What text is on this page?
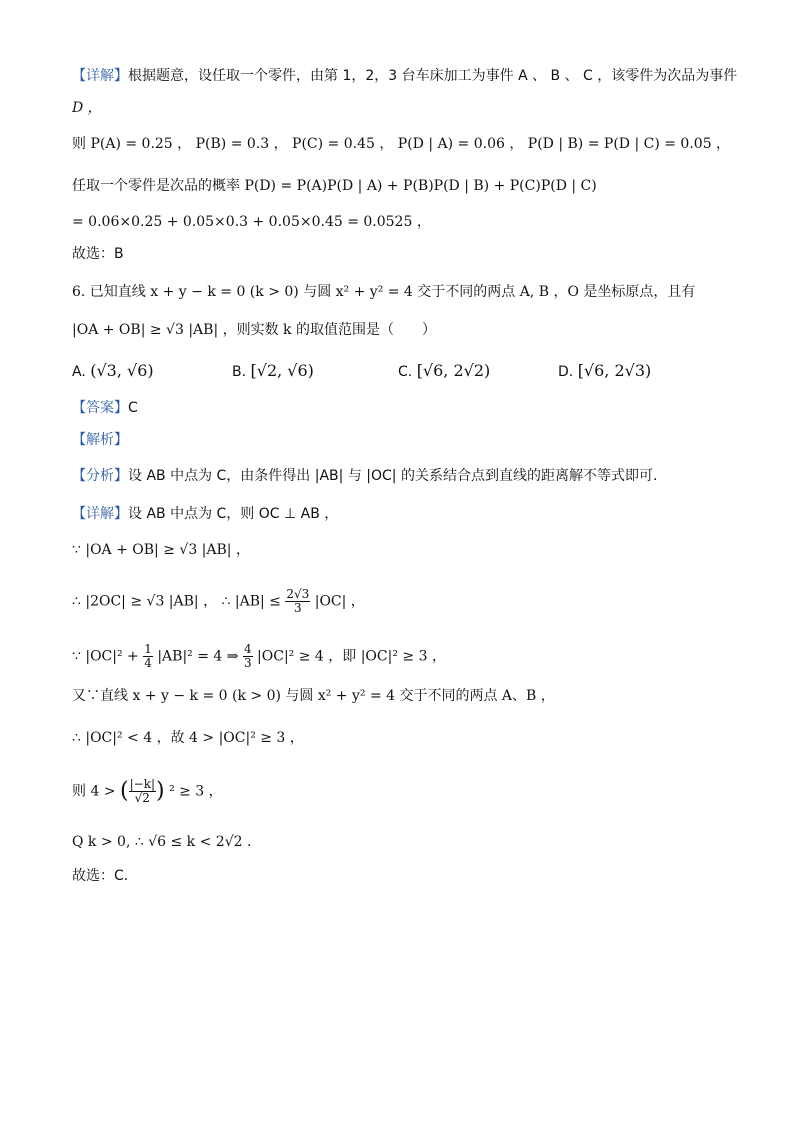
【详解】根据题意，设任取一个零件，由第 1，2，3 台车床加工为事件 A 、 B 、 C ，该零件为次品为事件
D ，
则 P(A) = 0.25 ， P(B) = 0.3 ， P(C) = 0.45 ， P(D | A) = 0.06 ， P(D | B) = P(D | C) = 0.05 ，
任取一个零件是次品的概率 P(D) = P(A)P(D | A) + P(B)P(D | B) + P(C)P(D | C)
= 0.06×0.25 + 0.05×0.3 + 0.05×0.45 = 0.0525 ，
故选：B
6. 已知直线 x + y − k = 0 (k > 0) 与圆 x² + y² = 4 交于不同的两点 A, B ，O 是坐标原点，且有
|OA + OB| ≥ √3 |AB| ，则实数 k 的取值范围是（　　）
A. (√3, √6)	B. [√2, √6)	C. [√6, 2√2)	D. [√6, 2√3)
【答案】C
【解析】
【分析】设 AB 中点为 C，由条件得出 |AB| 与 |OC| 的关系结合点到直线的距离解不等式即可.
【详解】设 AB 中点为 C，则 OC ⊥ AB ，
∵ |OA + OB| ≥ √3 |AB| ，
∴ |2OC| ≥ √3 |AB| ， ∴ $|AB| \le \frac{2√3}{3} |OC|$ ，
∵ $|OC|^2 + \frac{1}{4} |AB|^2 = 4$ ⇒ $\frac{4}{3} |OC|^2 \ge 4$ ，即 |OC|² ≥ 3 ，
又∵直线 x + y − k = 0 (k > 0) 与圆 x² + y² = 4 交于不同的两点 A、B ，
∴ |OC|² < 4 ，故 4 > |OC|² ≥ 3 ，
则 4 > ( $\frac{|-k|}{√2}$ ) ² ≥ 3 ，
Q k > 0, ∴ √6 ≤ k < 2√2 .
故选：C．
